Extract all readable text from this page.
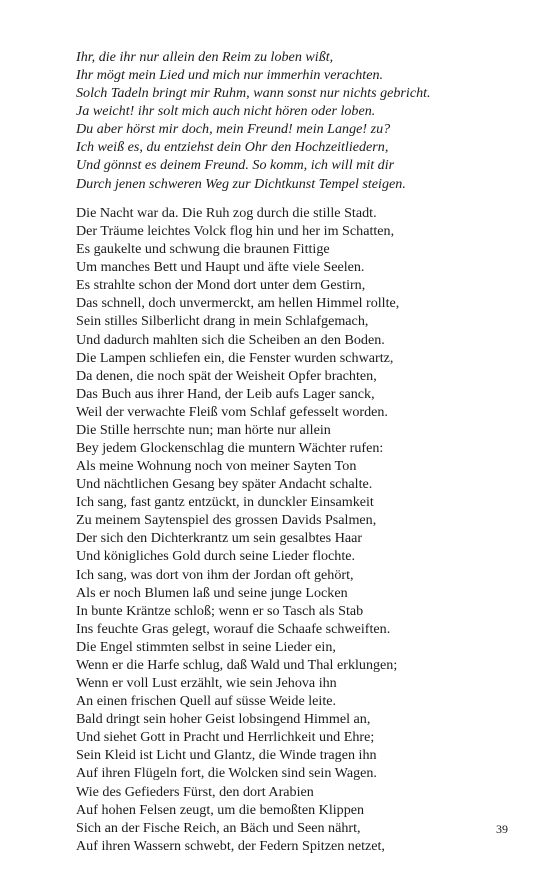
Ihr, die ihr nur allein den Reim zu loben wißt,
Ihr mögt mein Lied und mich nur immerhin verachten.
Solch Tadeln bringt mir Ruhm, wann sonst nur nichts gebricht.
Ja weicht! ihr solt mich auch nicht hören oder loben.
Du aber hörst mir doch, mein Freund! mein Lange! zu?
Ich weiß es, du entziehst dein Ohr den Hochzeitliedern,
Und gönnst es deinem Freund. So komm, ich will mit dir
Durch jenen schweren Weg zur Dichtkunst Tempel steigen.
Die Nacht war da. Die Ruh zog durch die stille Stadt.
Der Träume leichtes Volck flog hin und her im Schatten,
Es gaukelte und schwung die braunen Fittige
Um manches Bett und Haupt und äfte viele Seelen.
Es strahlte schon der Mond dort unter dem Gestirn,
Das schnell, doch unvermerckt, am hellen Himmel rollte,
Sein stilles Silberlicht drang in mein Schlafgemach,
Und dadurch mahlten sich die Scheiben an den Boden.
Die Lampen schliefen ein, die Fenster wurden schwartz,
Da denen, die noch spät der Weisheit Opfer brachten,
Das Buch aus ihrer Hand, der Leib aufs Lager sanck,
Weil der verwachte Fleiß vom Schlaf gefesselt worden.
Die Stille herrschte nun; man hörte nur allein
Bey jedem Glockenschlag die muntern Wächter rufen:
Als meine Wohnung noch von meiner Sayten Ton
Und nächtlichen Gesang bey später Andacht schalte.
Ich sang, fast gantz entzückt, in dunckler Einsamkeit
Zu meinem Saytenspiel des grossen Davids Psalmen,
Der sich den Dichterkrantz um sein gesalbtes Haar
Und königliches Gold durch seine Lieder flochte.
Ich sang, was dort von ihm der Jordan oft gehört,
Als er noch Blumen laß und seine junge Locken
In bunte Kräntze schloß; wenn er so Tasch als Stab
Ins feuchte Gras gelegt, worauf die Schaafe schweiften.
Die Engel stimmten selbst in seine Lieder ein,
Wenn er die Harfe schlug, daß Wald und Thal erklungen;
Wenn er voll Lust erzählt, wie sein Jehova ihn
An einen frischen Quell auf süsse Weide leite.
Bald dringt sein hoher Geist lobsingend Himmel an,
Und siehet Gott in Pracht und Herrlichkeit und Ehre;
Sein Kleid ist Licht und Glantz, die Winde tragen ihn
Auf ihren Flügeln fort, die Wolcken sind sein Wagen.
Wie des Gefieders Fürst, den dort Arabien
Auf hohen Felsen zeugt, um die bemoßten Klippen
Sich an der Fische Reich, an Bäch und Seen nährt,
Auf ihren Wassern schwebt, der Federn Spitzen netzet,
39
